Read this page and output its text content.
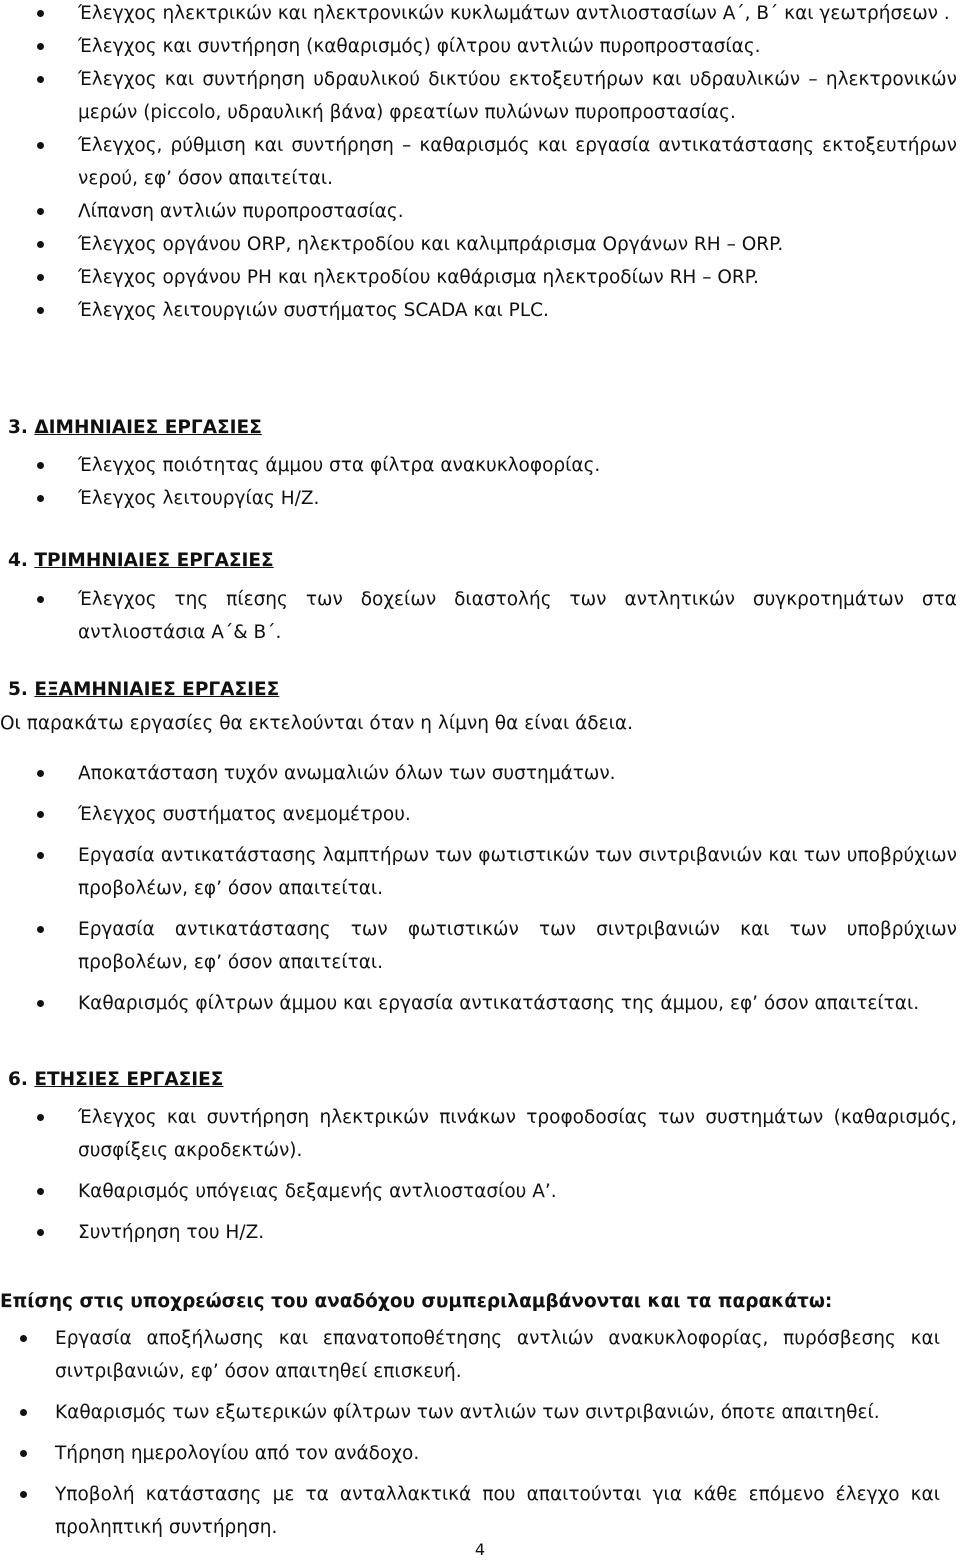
Έλεγχος ηλεκτρικών και ηλεκτρονικών κυκλωμάτων αντλιοστασίων Α΄, Β΄ και γεωτρήσεων .
Έλεγχος και συντήρηση (καθαρισμός) φίλτρου αντλιών πυροπροστασίας.
Έλεγχος και συντήρηση υδραυλικού δικτύου εκτοξευτήρων και υδραυλικών – ηλεκτρονικών μερών (piccolo, υδραυλική βάνα) φρεατίων πυλώνων πυροπροστασίας.
Έλεγχος, ρύθμιση και συντήρηση – καθαρισμός και εργασία αντικατάστασης εκτοξευτήρων νερού, εφ’ όσον απαιτείται.
Λίπανση αντλιών πυροπροστασίας.
Έλεγχος οργάνου ORP, ηλεκτροδίου και καλιμπράρισμα Οργάνων RH – ORP.
Έλεγχος οργάνου PH και ηλεκτροδίου καθάρισμα ηλεκτροδίων RH – ORP.
Έλεγχος λειτουργιών συστήματος SCADA και PLC.
3. ΔΙΜΗΝΙΑΙΕΣ ΕΡΓΑΣΙΕΣ
Έλεγχος ποιότητας άμμου στα φίλτρα ανακυκλοφορίας.
Έλεγχος λειτουργίας Η/Ζ.
4. ΤΡΙΜΗΝΙΑΙΕΣ ΕΡΓΑΣΙΕΣ
Έλεγχος της πίεσης των δοχείων διαστολής των αντλητικών συγκροτημάτων στα αντλιοστάσια Α΄& Β΄.
5. ΕΞΑΜΗΝΙΑΙΕΣ ΕΡΓΑΣΙΕΣ
Οι παρακάτω εργασίες θα εκτελούνται όταν η λίμνη θα είναι άδεια.
Αποκατάσταση τυχόν ανωμαλιών όλων των συστημάτων.
Έλεγχος συστήματος ανεμομέτρου.
Εργασία αντικατάστασης λαμπτήρων των φωτιστικών των σιντριβανιών και των υποβρύχιων προβολέων, εφ’ όσον απαιτείται.
Εργασία αντικατάστασης των φωτιστικών των σιντριβανιών και των υποβρύχιων προβολέων, εφ’ όσον απαιτείται.
Καθαρισμός φίλτρων άμμου και εργασία αντικατάστασης της άμμου, εφ’ όσον απαιτείται.
6. ΕΤΗΣΙΕΣ ΕΡΓΑΣΙΕΣ
Έλεγχος και συντήρηση ηλεκτρικών πινάκων τροφοδοσίας των συστημάτων (καθαρισμός, συσφίξεις ακροδεκτών).
Καθαρισμός υπόγειας δεξαμενής αντλιοστασίου Α’.
Συντήρηση του Η/Ζ.
Επίσης στις υποχρεώσεις του αναδόχου συμπεριλαμβάνονται και τα παρακάτω:
Εργασία αποξήλωσης και επανατοποθέτησης αντλιών ανακυκλοφορίας, πυρόσβεσης και σιντριβανιών, εφ’ όσον απαιτηθεί επισκευή.
Καθαρισμός των εξωτερικών φίλτρων των αντλιών των σιντριβανιών, όποτε απαιτηθεί.
Τήρηση ημερολογίου από τον ανάδοχο.
Υποβολή κατάστασης με τα ανταλλακτικά που απαιτούνται για κάθε επόμενο έλεγχο και προληπτική συντήρηση.
4
